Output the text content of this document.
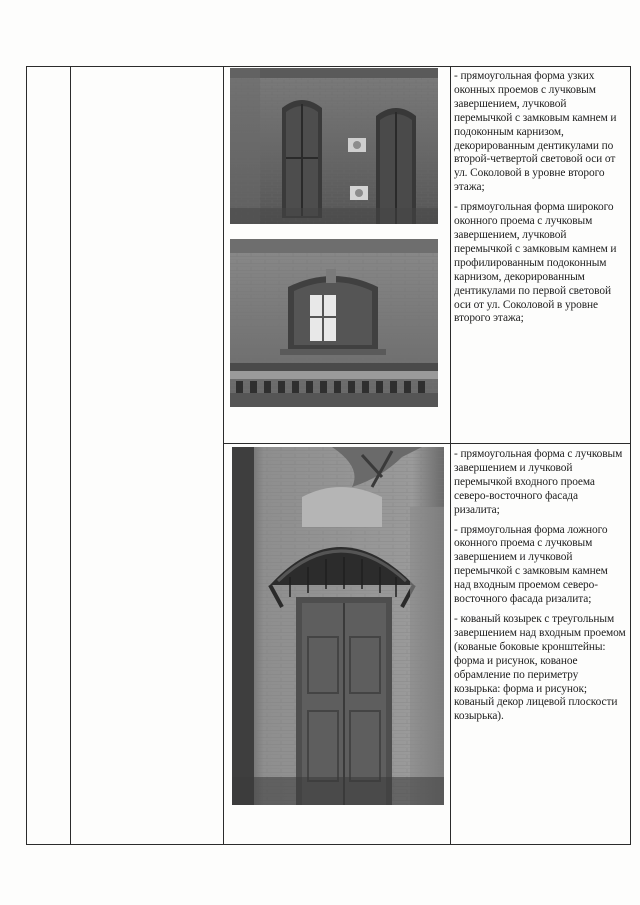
- прямоугольная форма узких оконных проемов с лучковым завершением, лучковой перемычкой с замковым камнем и подоконным карнизом, декорированным дентикулами по второй-четвертой световой оси от ул. Соколовой в уровне второго этажа;

- прямоугольная форма широкого оконного проема с лучковым завершением, лучковой перемычкой с замковым камнем и профилированным подоконным карнизом, декорированным дентикулами по первой световой оси от ул. Соколовой в уровне второго этажа;

- прямоугольная форма с лучковым завершением и лучковой перемычкой входного проема северо-восточного фасада ризалита;

- прямоугольная форма ложного оконного проема с лучковым завершением и лучковой перемычкой с замковым камнем над входным проемом северо-восточного фасада ризалита;

- кованый козырек с треугольным завершением над входным проемом (кованые боковые кронштейны: форма и рисунок, кованое обрамление по периметру козырька: форма и рисунок; кованый декор лицевой плоскости козырька).
